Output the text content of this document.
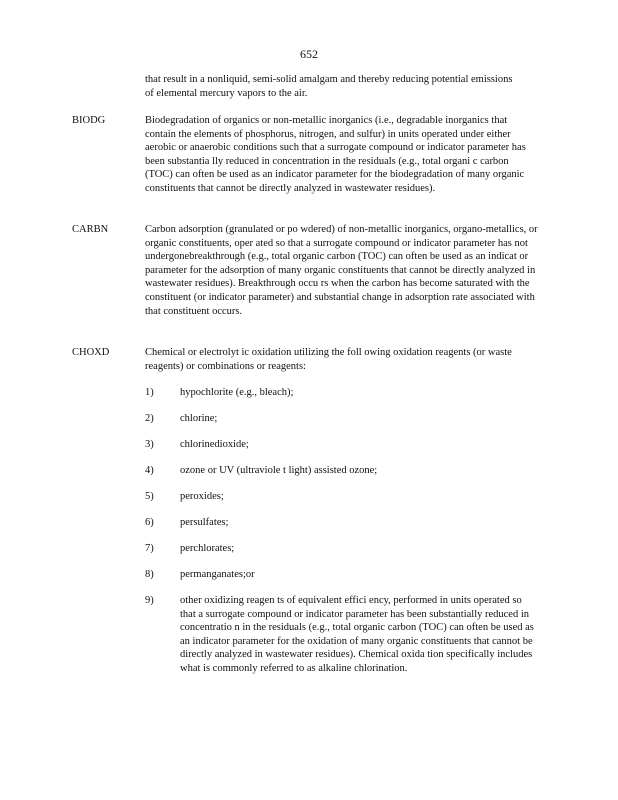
652

that result in a nonliquid, semi-solid amalgam and thereby reducing potential emissions of elemental mercury vapors to the air.

BIODG	Biodegradation of organics or non-metallic inorganics (i.e., degradable inorganics that contain the elements of phosphorus, nitrogen, and sulfur) in units operated under either aerobic or anaerobic conditions such that a surrogate compound or indicator parameter has been substantia lly reduced in concentration in the residuals (e.g., total organi c carbon (TOC) can often be used as an indicator parameter for the biodegradation of many organic constituents that cannot be directly analyzed in wastewater residues).

CARBN	Carbon adsorption (granulated or po wdered) of non-metallic inorganics, organo-metallics, or organic constituents, oper ated so that a surrogate compound or indicator parameter has not undergonebreakthrough (e.g., total organic carbon (TOC) can often be used as an indicat or parameter for the adsorption of many organic constituents that cannot be directly analyzed in wastewater residues). Breakthrough occu rs when the carbon has become saturated with the constituent (or indicator parameter) and substantial change in adsorption rate associated with that constituent occurs.

CHOXD	Chemical or electrolyt ic oxidation utilizing the foll owing oxidation reagents (or waste reagents) or combinations or reagents:

1)	hypochlorite (e.g., bleach);

2)	chlorine;

3)	chlorinedioxide;

4)	ozone or UV (ultraviole t light) assisted ozone;

5)	peroxides;

6)	persulfates;

7)	perchlorates;

8)	permanganates;or

9)	other oxidizing reagen ts of equivalent effici ency, performed in units operated so that a surrogate compound or indicator parameter has been substantially reduced in concentratio n in the residuals (e.g., total organic carbon (TOC) can often be used as an indicator parameter for the oxidation of many organic constituents that cannot be directly analyzed in wastewater residues). Chemical oxida tion specifically includes what is commonly referred to as alkaline chlorination.
